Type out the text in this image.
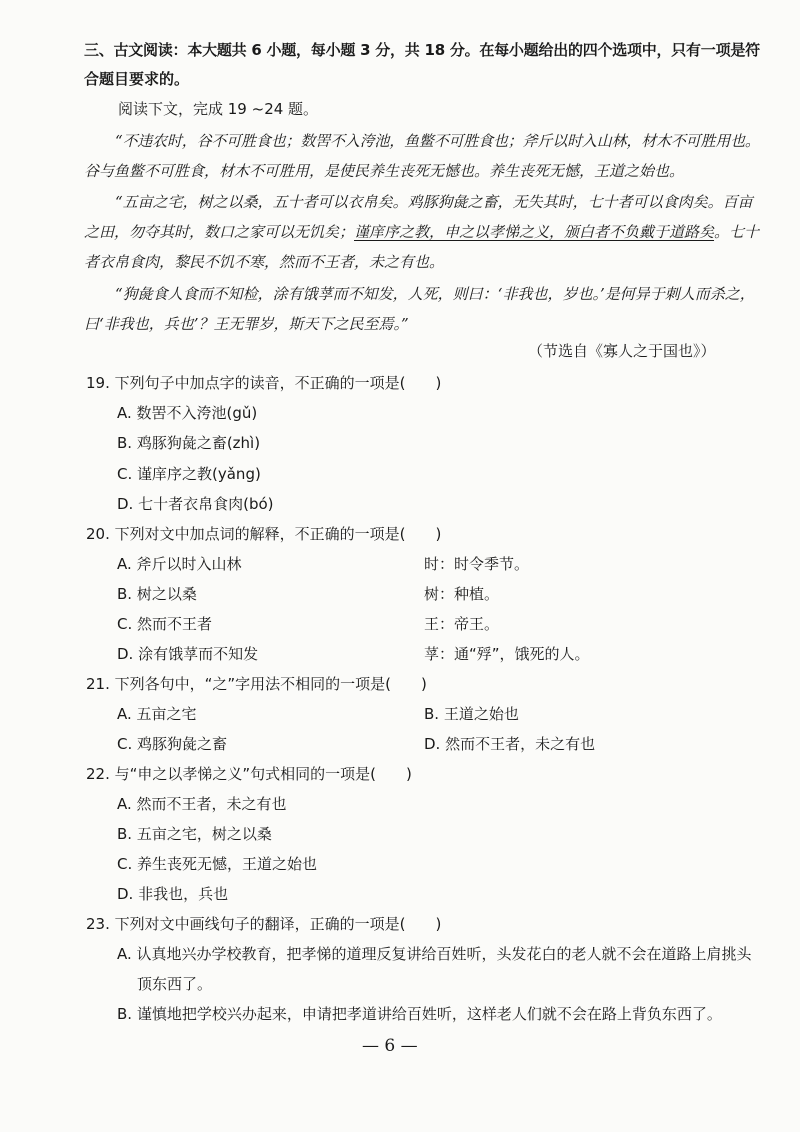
三、古文阅读：本大题共 6 小题，每小题 3 分，共 18 分。在每小题给出的四个选项中，只有一项是符
合题目要求的。
阅读下文，完成 19 ~24 题。
“不违农时，谷不可胜食也；数罟不入洿池，鱼鳖不可胜食也；斧斤以时入山林，材木不可胜用也。
谷与鱼鳖不可胜食，材木不可胜用，是使民养生丧死无憾也。养生丧死无憾，王道之始也。
“五亩之宅，树之以桑，五十者可以衣帛矣。鸡豚狗彘之畜，无失其时，七十者可以食肉矣。百亩
之田，勿夺其时，数口之家可以无饥矣；谨庠序之教，申之以孝悌之义，颁白者不负戴于道路矣。七十
者衣帛食肉，黎民不饥不寒，然而不王者，未之有也。
“狗彘食人食而不知检，涂有饿莩而不知发，人死，则曰：‘非我也，岁也。’是何异于刺人而杀之，
曰‘非我也，兵也’？王无罪岁，斯天下之民至焉。”
（节选自《寡人之于国也》）
19. 下列句子中加点字的读音，不正确的一项是(　　)
A. 数罟不入洿池(gǔ)
B. 鸡豚狗彘之畜(zhì)
C. 谨庠序之教(yǎng)
D. 七十者衣帛食肉(bó)
20. 下列对文中加点词的解释，不正确的一项是(　　)
A. 斧斤以时入山林	时：时令季节。
B. 树之以桑	树：种植。
C. 然而不王者	王：帝王。
D. 涂有饿莩而不知发	莩：通“殍”，饿死的人。
21. 下列各句中，“之”字用法不相同的一项是(　　)
A. 五亩之宅	B. 王道之始也
C. 鸡豚狗彘之畜	D. 然而不王者，未之有也
22. 与“申之以孝悌之义”句式相同的一项是(　　)
A. 然而不王者，未之有也
B. 五亩之宅，树之以桑
C. 养生丧死无憾，王道之始也
D. 非我也，兵也
23. 下列对文中画线句子的翻译，正确的一项是(　　)
A. 认真地兴办学校教育，把孝悌的道理反复讲给百姓听，头发花白的老人就不会在道路上肩挑头
顶东西了。
B. 谨慎地把学校兴办起来，申请把孝道讲给百姓听，这样老人们就不会在路上背负东西了。
— 6 —
